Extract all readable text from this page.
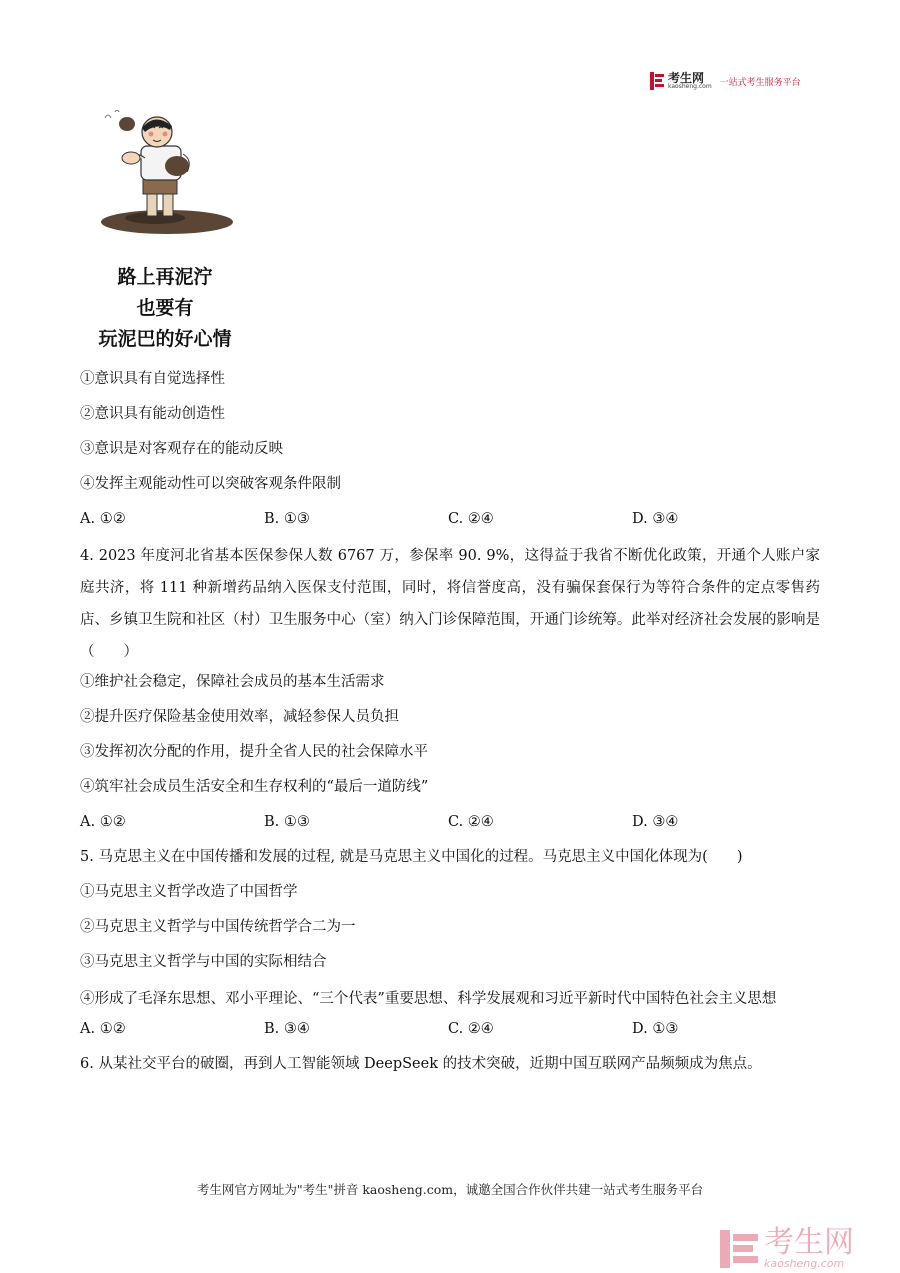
考生网
kaosheng.com 一站式考生服务平台
路上再泥泞
也要有
玩泥巴的好心情
①意识具有自觉选择性
②意识具有能动创造性
③意识是对客观存在的能动反映
④发挥主观能动性可以突破客观条件限制
A. ①②	B. ①③	C. ②④	D. ③④
4. 2023 年度河北省基本医保参保人数 6767 万，参保率 90. 9%，这得益于我省不断优化政策，开通个人账户家庭共济，将 111 种新增药品纳入医保支付范围，同时，将信誉度高，没有骗保套保行为等符合条件的定点零售药店、乡镇卫生院和社区（村）卫生服务中心（室）纳入门诊保障范围，开通门诊统筹。此举对经济社会发展的影响是（　　）
①维护社会稳定，保障社会成员的基本生活需求
②提升医疗保险基金使用效率，减轻参保人员负担
③发挥初次分配的作用，提升全省人民的社会保障水平
④筑牢社会成员生活安全和生存权利的“最后一道防线”
A. ①②	B. ①③	C. ②④	D. ③④
5. 马克思主义在中国传播和发展的过程, 就是马克思主义中国化的过程。马克思主义中国化体现为(　　)
①马克思主义哲学改造了中国哲学
②马克思主义哲学与中国传统哲学合二为一
③马克思主义哲学与中国的实际相结合
④形成了毛泽东思想、邓小平理论、“三个代表”重要思想、科学发展观和习近平新时代中国特色社会主义思想
A. ①②	B. ③④	C. ②④	D. ①③
6. 从某社交平台的破圈，再到人工智能领域 DeepSeek 的技术突破，近期中国互联网产品频频成为焦点。
考生网官方网址为"考生"拼音 kaosheng.com，诚邀全国合作伙伴共建一站式考生服务平台
考生网
kaosheng.com
